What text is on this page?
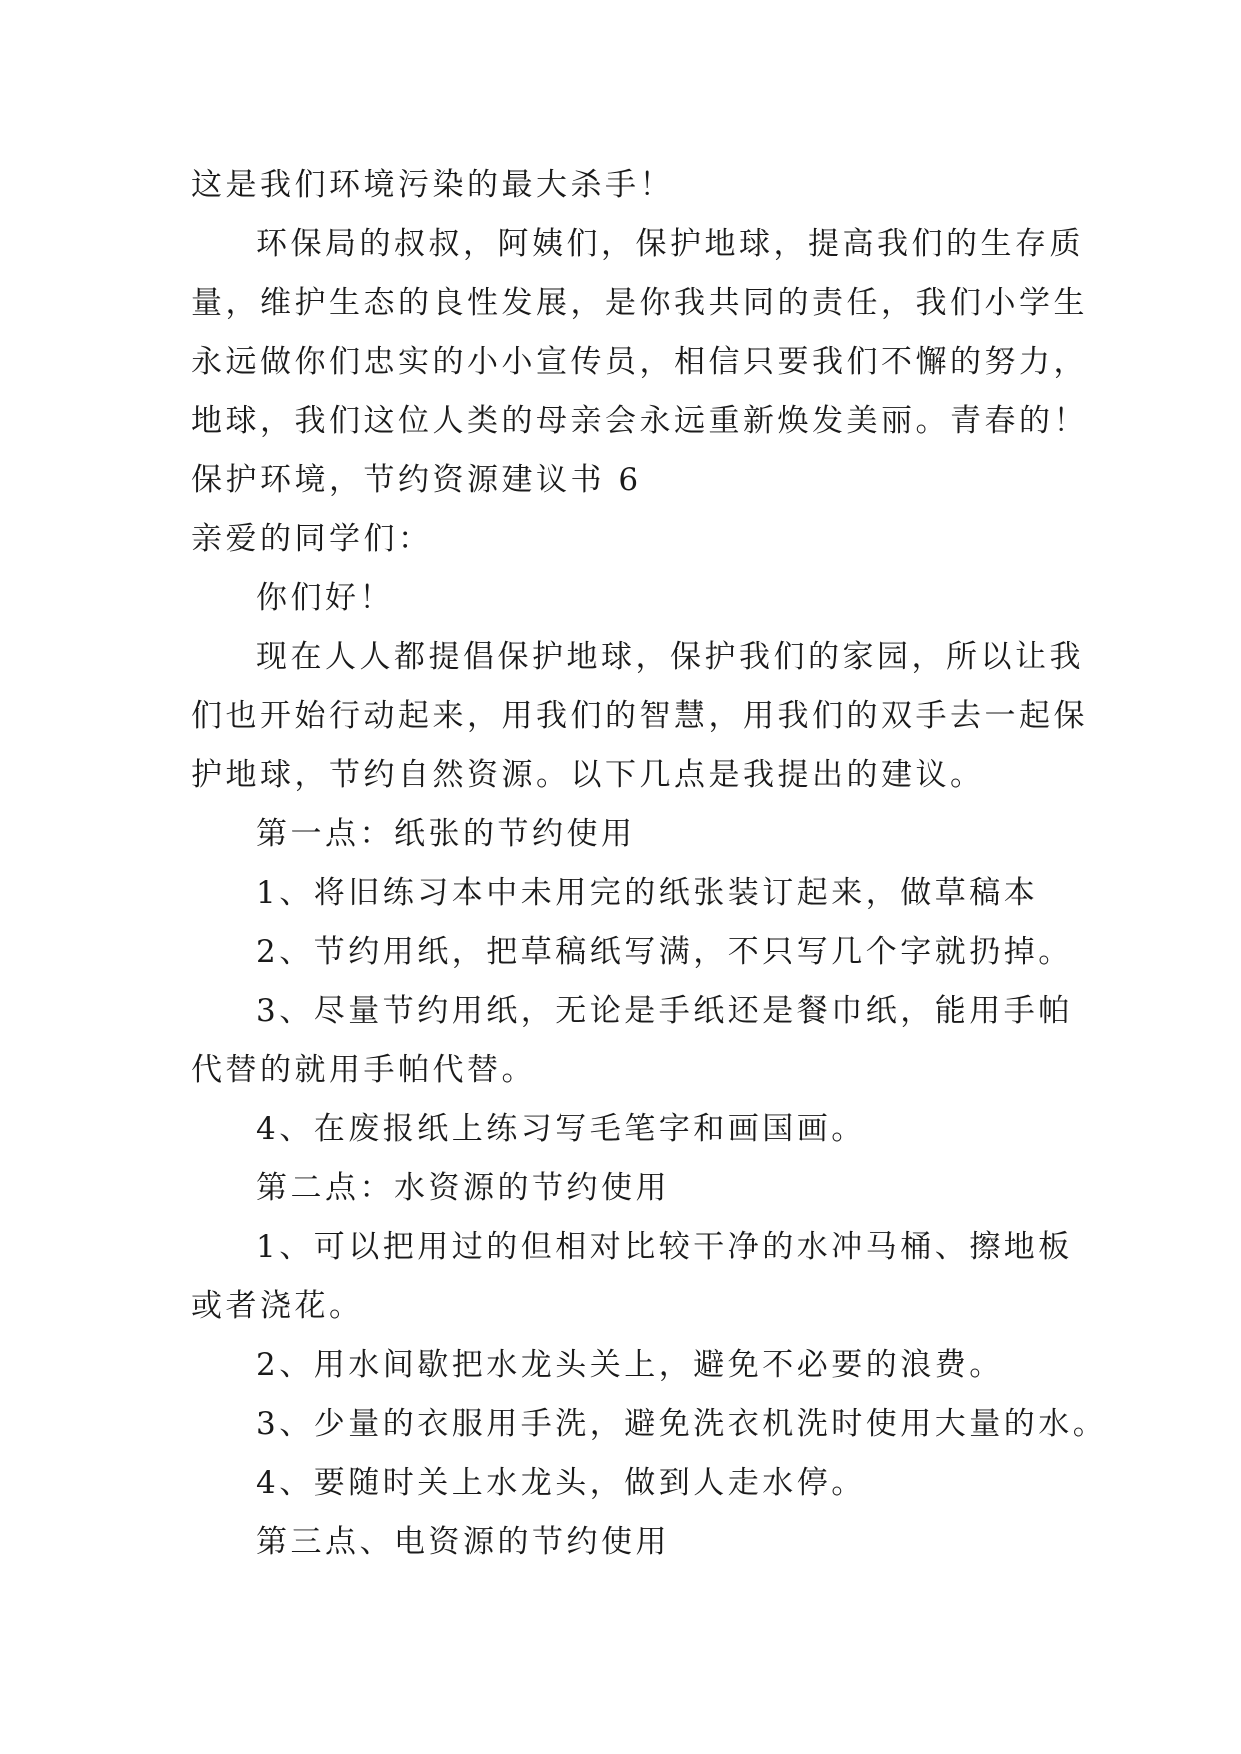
这是我们环境污染的最大杀手！
环保局的叔叔，阿姨们，保护地球，提高我们的生存质
量，维护生态的良性发展，是你我共同的责任，我们小学生
永远做你们忠实的小小宣传员，相信只要我们不懈的努力，
地球，我们这位人类的母亲会永远重新焕发美丽。青春的！
保护环境，节约资源建议书 6
亲爱的同学们：
你们好！
现在人人都提倡保护地球，保护我们的家园，所以让我
们也开始行动起来，用我们的智慧，用我们的双手去一起保
护地球，节约自然资源。以下几点是我提出的建议。
第一点：纸张的节约使用
1、将旧练习本中未用完的纸张装订起来，做草稿本
2、节约用纸，把草稿纸写满，不只写几个字就扔掉。
3、尽量节约用纸，无论是手纸还是餐巾纸，能用手帕
代替的就用手帕代替。
4、在废报纸上练习写毛笔字和画国画。
第二点：水资源的节约使用
1、可以把用过的但相对比较干净的水冲马桶、擦地板
或者浇花。
2、用水间歇把水龙头关上，避免不必要的浪费。
3、少量的衣服用手洗，避免洗衣机洗时使用大量的水。
4、要随时关上水龙头，做到人走水停。
第三点、电资源的节约使用
